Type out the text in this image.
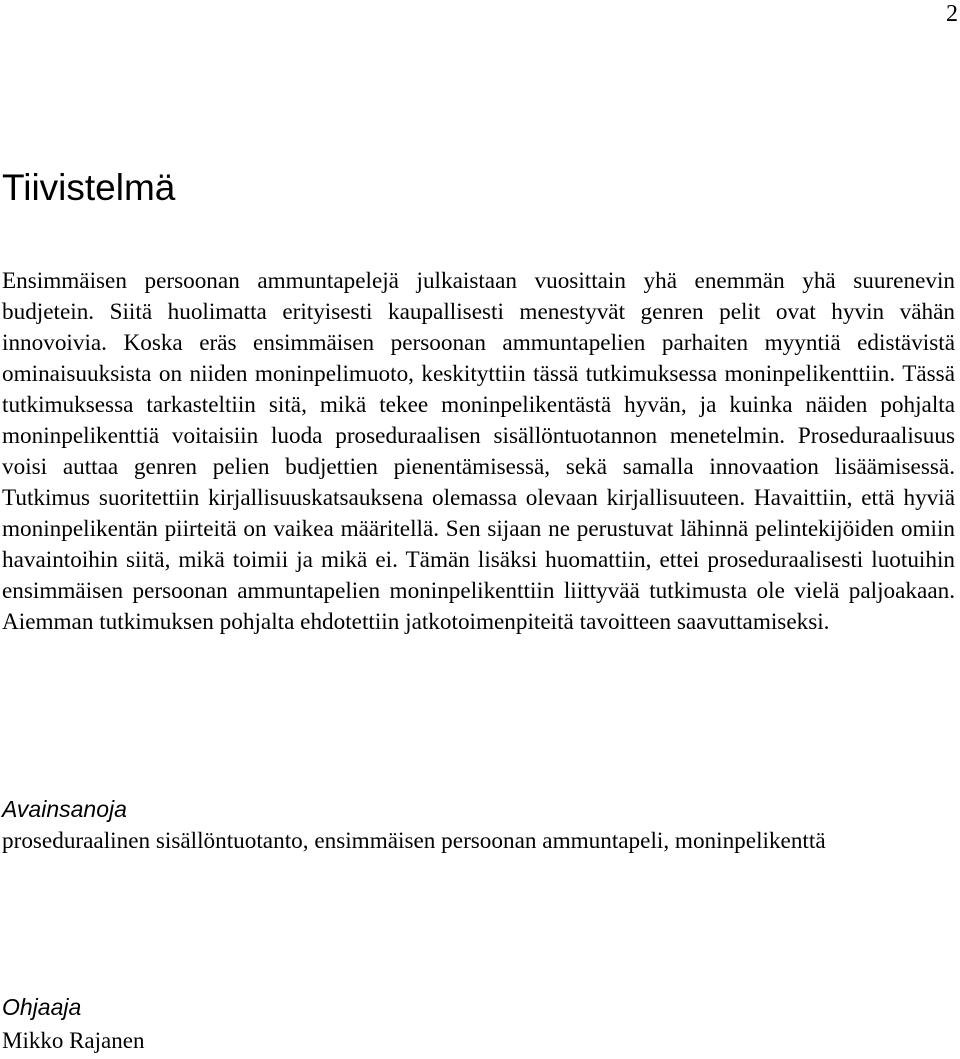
2
Tiivistelmä

Ensimmäisen persoonan ammuntapelejä julkaistaan vuosittain yhä enemmän yhä suurenevin budjetein. Siitä huolimatta erityisesti kaupallisesti menestyvät genren pelit ovat hyvin vähän innovoivia. Koska eräs ensimmäisen persoonan ammuntapelien parhaiten myyntiä edistävistä ominaisuuksista on niiden moninpelimuoto, keskityttiin tässä tutkimuksessa moninpelikenttiin. Tässä tutkimuksessa tarkasteltiin sitä, mikä tekee moninpelikentästä hyvän, ja kuinka näiden pohjalta moninpelikenttiä voitaisiin luoda proseduraalisen sisällöntuotannon menetelmin. Proseduraalisuus voisi auttaa genren pelien budjettien pienentämisessä, sekä samalla innovaation lisäämisessä. Tutkimus suoritettiin kirjallisuuskatsauksena olemassa olevaan kirjallisuuteen. Havaittiin, että hyviä moninpelikentän piirteitä on vaikea määritellä. Sen sijaan ne perustuvat lähinnä pelintekijöiden omiin havaintoihin siitä, mikä toimii ja mikä ei. Tämän lisäksi huomattiin, ettei proseduraalisesti luotuihin ensimmäisen persoonan ammuntapelien moninpelikenttiin liittyvää tutkimusta ole vielä paljoakaan. Aiemman tutkimuksen pohjalta ehdotettiin jatkotoimenpiteitä tavoitteen saavuttamiseksi.

Avainsanoja

proseduraalinen sisällöntuotanto, ensimmäisen persoonan ammuntapeli, moninpelikenttä

Ohjaaja

Mikko Rajanen
